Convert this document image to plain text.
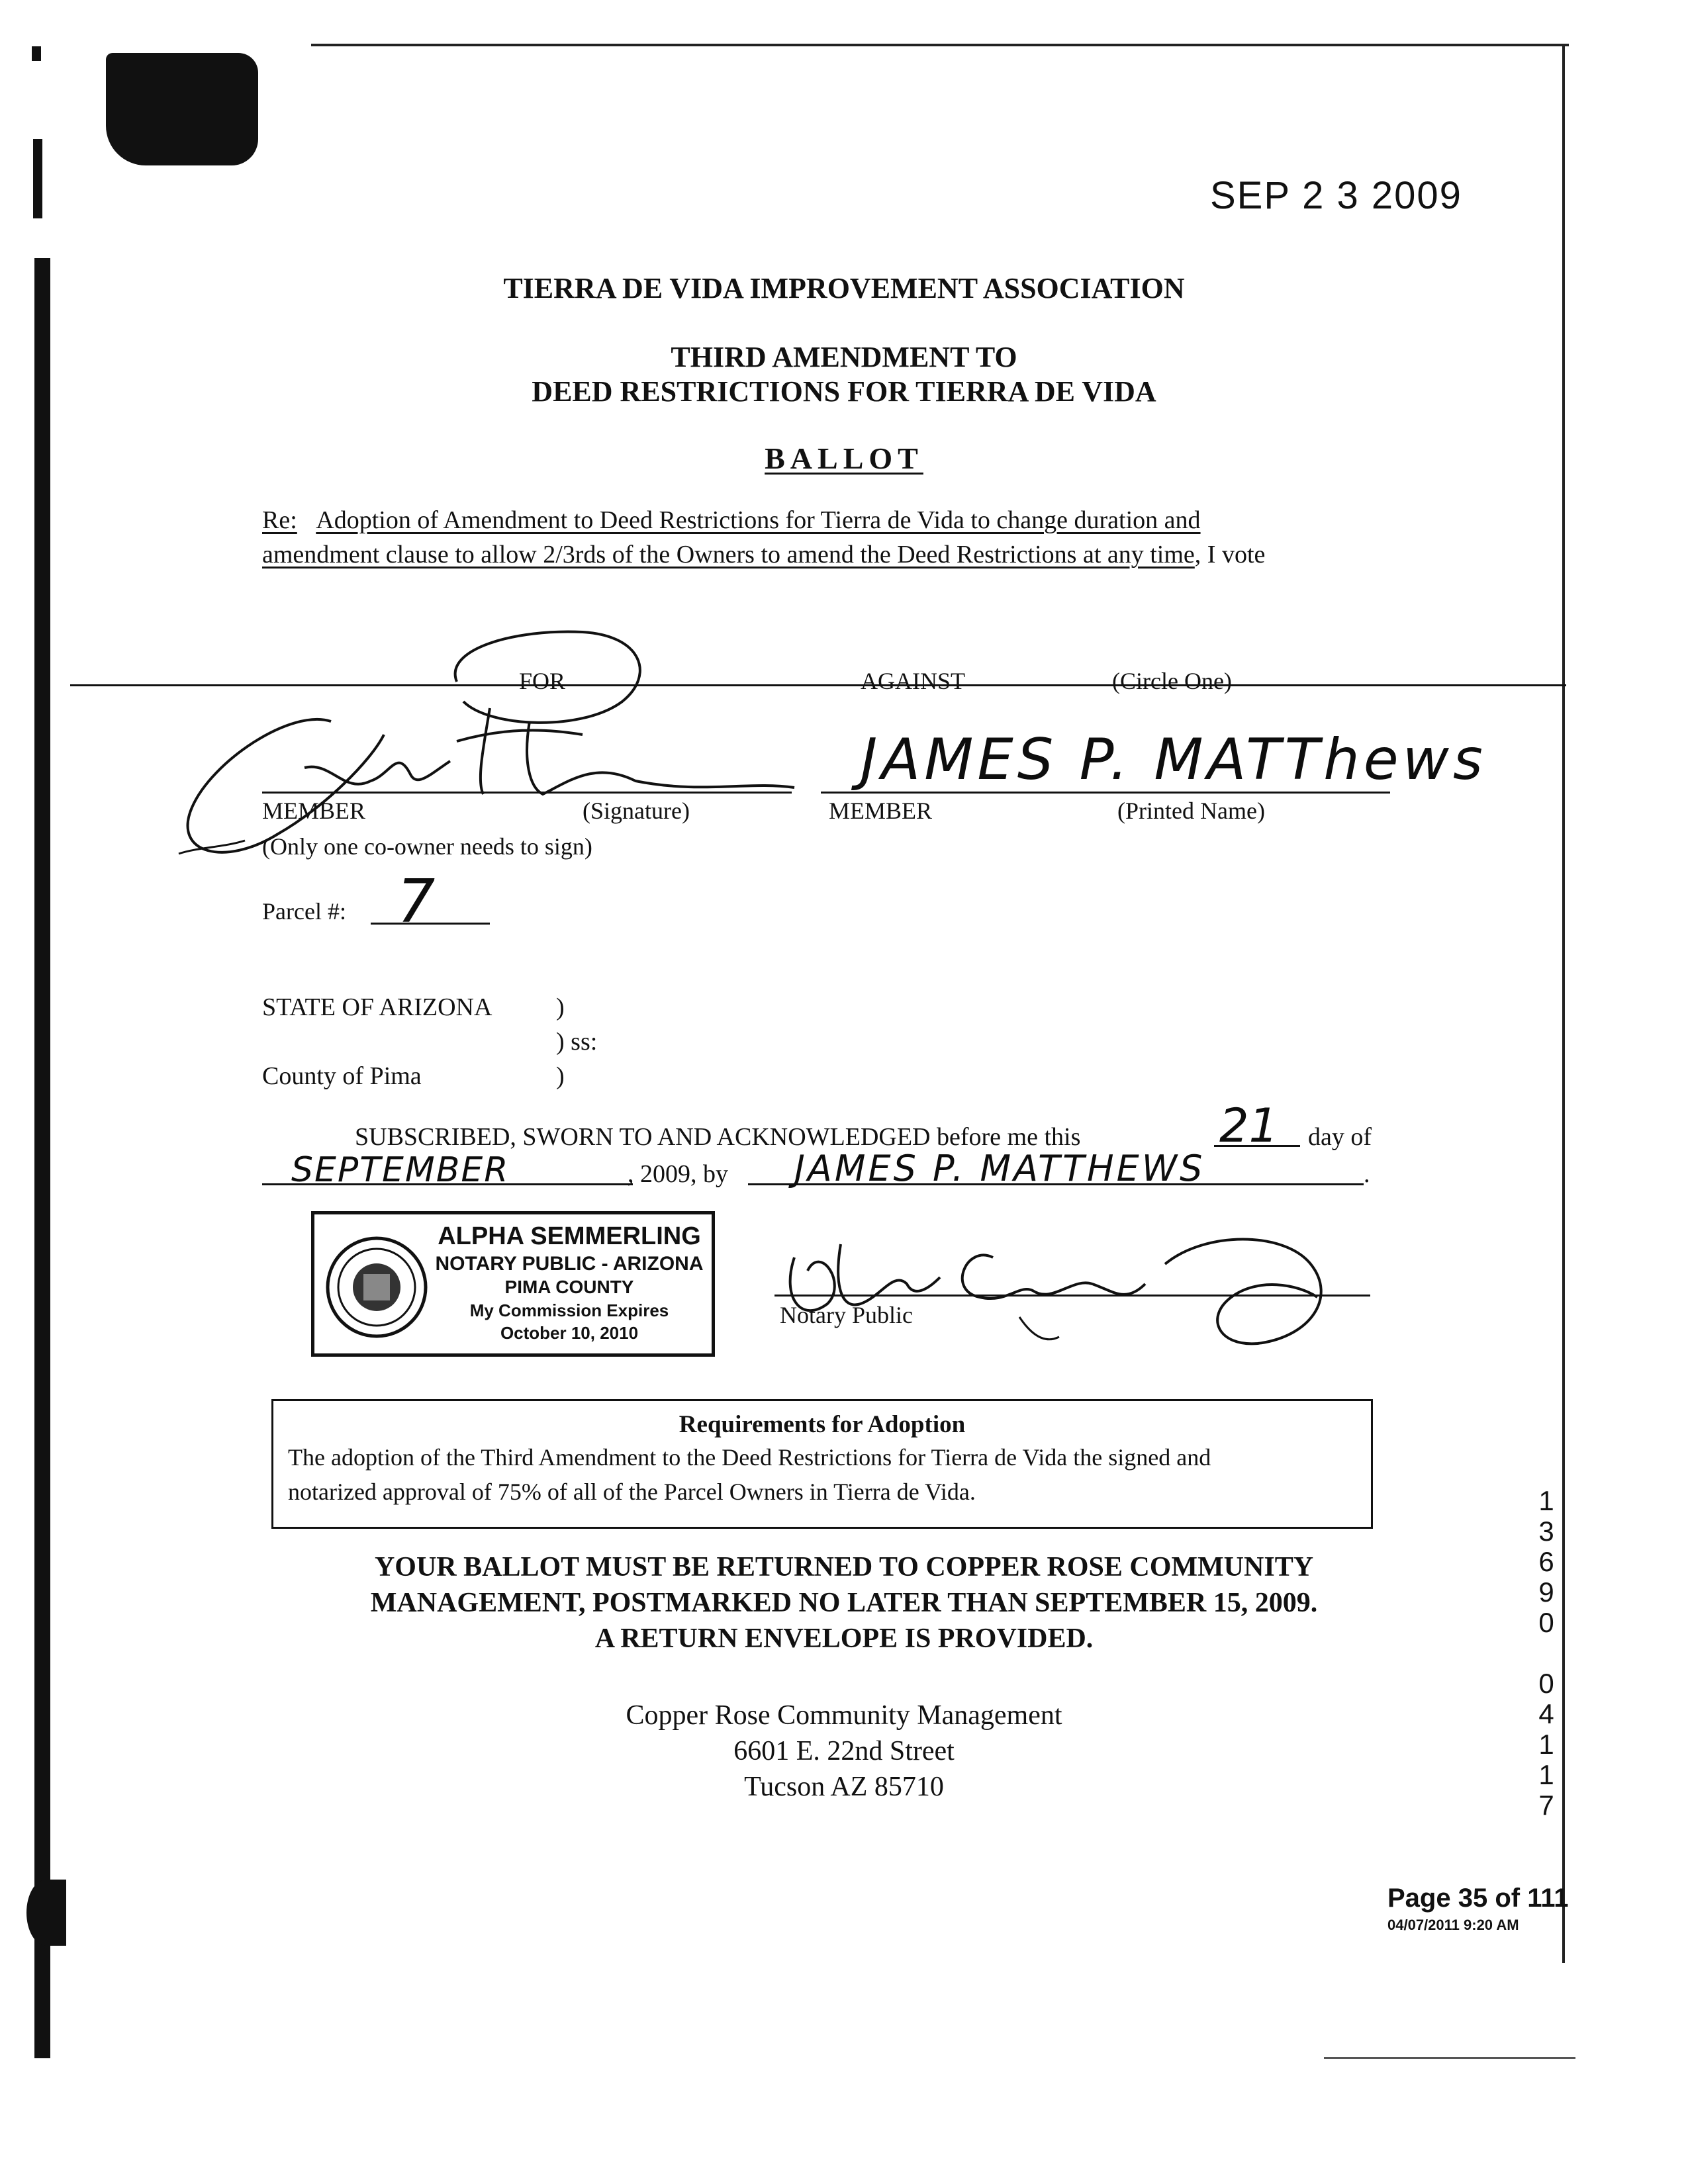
SEP 2 3 2009
TIERRA DE VIDA IMPROVEMENT ASSOCIATION
THIRD AMENDMENT TO
DEED RESTRICTIONS FOR TIERRA DE VIDA
BALLOT
Re: Adoption of Amendment to Deed Restrictions for Tierra de Vida to change duration and
amendment clause to allow 2/3rds of the Owners to amend the Deed Restrictions at any time, I vote
FOR	AGAINST	(Circle One)
JAMES P. MATThews
MEMBER	(Signature)	MEMBER	(Printed Name)
(Only one co-owner needs to sign)
Parcel #: 7
STATE OF ARIZONA	)
) ss:
County of Pima	)
SUBSCRIBED, SWORN TO AND ACKNOWLEDGED before me this	21 day of
SEPTEMBER	, 2009, by JAMES P. MATTHEWS	.
ALPHA SEMMERLING
NOTARY PUBLIC - ARIZONA
PIMA COUNTY
My Commission Expires
October 10, 2010
Notary Public
Requirements for Adoption
The adoption of the Third Amendment to the Deed Restrictions for Tierra de Vida the signed and
notarized approval of 75% of all of the Parcel Owners in Tierra de Vida.
YOUR BALLOT MUST BE RETURNED TO COPPER ROSE COMMUNITY
MANAGEMENT, POSTMARKED NO LATER THAN SEPTEMBER 15, 2009.
A RETURN ENVELOPE IS PROVIDED.
Copper Rose Community Management
6601 E. 22nd Street
Tucson AZ 85710
1
3
6
9
0
0
4
1
1
7
Page 35 of 111
04/07/2011 9:20 AM
